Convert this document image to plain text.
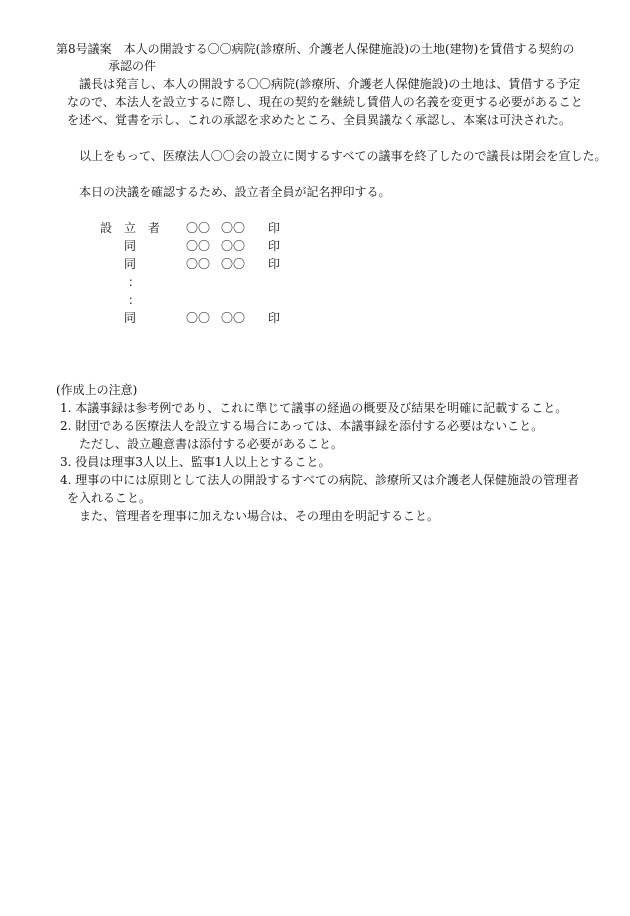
第8号議案　本人の開設する〇〇病院(診療所、介護老人保健施設)の土地(建物)を賃借する契約の
承認の件
議長は発言し、本人の開設する〇〇病院(診療所、介護老人保健施設)の土地は、賃借する予定
なので、本法人を設立するに際し、現在の契約を継続し賃借人の名義を変更する必要があること
を述べ、覚書を示し、これの承認を求めたところ、全員異議なく承認し、本案は可決された。
以上をもって、医療法人〇〇会の設立に関するすべての議事を終了したので議長は閉会を宣した。
本日の決議を確認するため、設立者全員が記名押印する。
設　立　者	〇〇 〇〇 印
同	〇〇 〇〇 印
同	〇〇 〇〇 印
：
：
同	〇〇 〇〇 印
(作成上の注意)
1. 本議事録は参考例であり、これに準じて議事の経過の概要及び結果を明確に記載すること。
2. 財団である医療法人を設立する場合にあっては、本議事録を添付する必要はないこと。
ただし、設立趣意書は添付する必要があること。
3. 役員は理事3人以上、監事1人以上とすること。
4. 理事の中には原則として法人の開設するすべての病院、診療所又は介護老人保健施設の管理者
を入れること。
また、管理者を理事に加えない場合は、その理由を明記すること。
